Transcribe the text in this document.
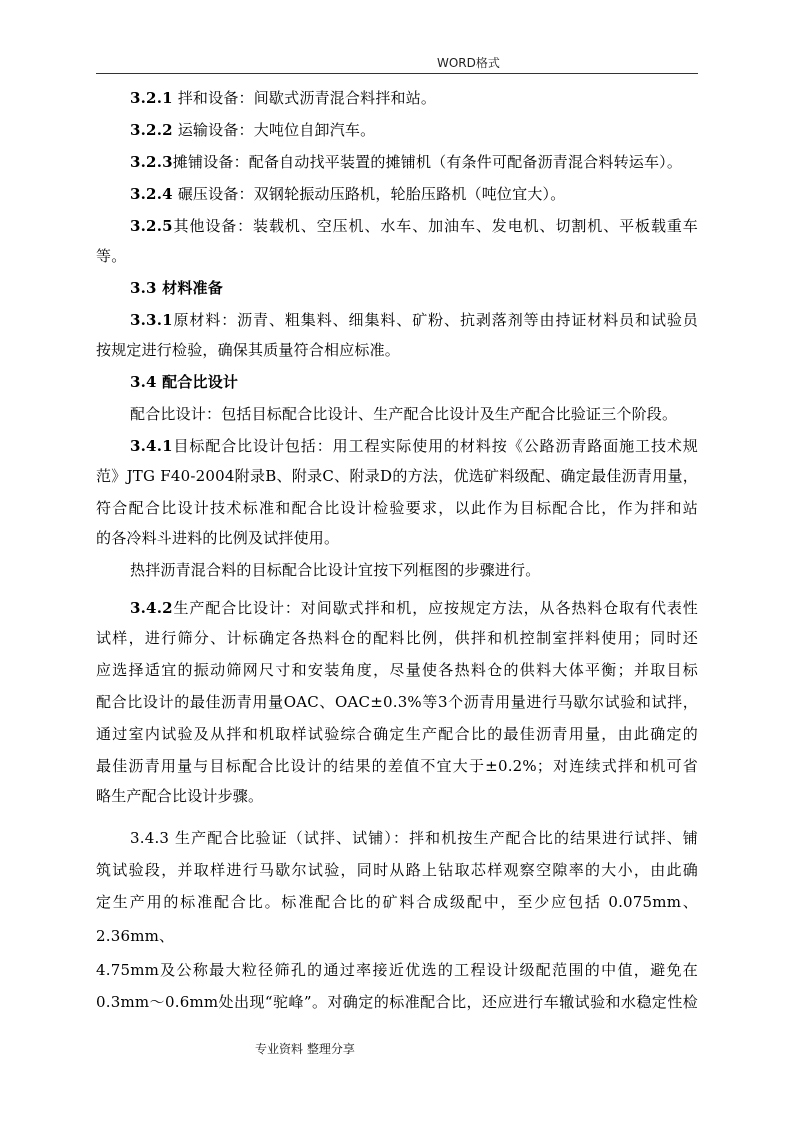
WORD格式
3.2.1 拌和设备：间歇式沥青混合料拌和站。
3.2.2 运输设备：大吨位自卸汽车。
3.2.3摊铺设备：配备自动找平装置的摊铺机（有条件可配备沥青混合料转运车）。
3.2.4 碾压设备：双钢轮振动压路机，轮胎压路机（吨位宜大）。
3.2.5其他设备：装载机、空压机、水车、加油车、发电机、切割机、平板载重车
等。
3.3 材料准备
3.3.1原材料：沥青、粗集料、细集料、矿粉、抗剥落剂等由持证材料员和试验员
按规定进行检验，确保其质量符合相应标准。
3.4 配合比设计
配合比设计：包括目标配合比设计、生产配合比设计及生产配合比验证三个阶段。
3.4.1目标配合比设计包括：用工程实际使用的材料按《公路沥青路面施工技术规
范》JTG F40-2004附录B、附录C、附录D的方法，优选矿料级配、确定最佳沥青用量，
符合配合比设计技术标准和配合比设计检验要求，以此作为目标配合比，作为拌和站
的各冷料斗进料的比例及试拌使用。
热拌沥青混合料的目标配合比设计宜按下列框图的步骤进行。
3.4.2生产配合比设计：对间歇式拌和机，应按规定方法，从各热料仓取有代表性
试样，进行筛分、计标确定各热料仓的配料比例，供拌和机控制室拌料使用；同时还
应选择适宜的振动筛网尺寸和安装角度，尽量使各热料仓的供料大体平衡；并取目标
配合比设计的最佳沥青用量OAC、OAC±0.3%等3个沥青用量进行马歇尔试验和试拌，
通过室内试验及从拌和机取样试验综合确定生产配合比的最佳沥青用量，由此确定的
最佳沥青用量与目标配合比设计的结果的差值不宜大于±0.2%；对连续式拌和机可省
略生产配合比设计步骤。
3.4.3 生产配合比验证（试拌、试铺）：拌和机按生产配合比的结果进行试拌、铺
筑试验段，并取样进行马歇尔试验，同时从路上钻取芯样观察空隙率的大小，由此确
定生产用的标准配合比。标准配合比的矿料合成级配中，至少应包括 0.075mm、
2.36mm、
4.75mm及公称最大粒径筛孔的通过率接近优选的工程设计级配范围的中值，避免在
0.3mm～0.6mm处出现“驼峰”。对确定的标准配合比，还应进行车辙试验和水稳定性检
专业资料 整理分享
